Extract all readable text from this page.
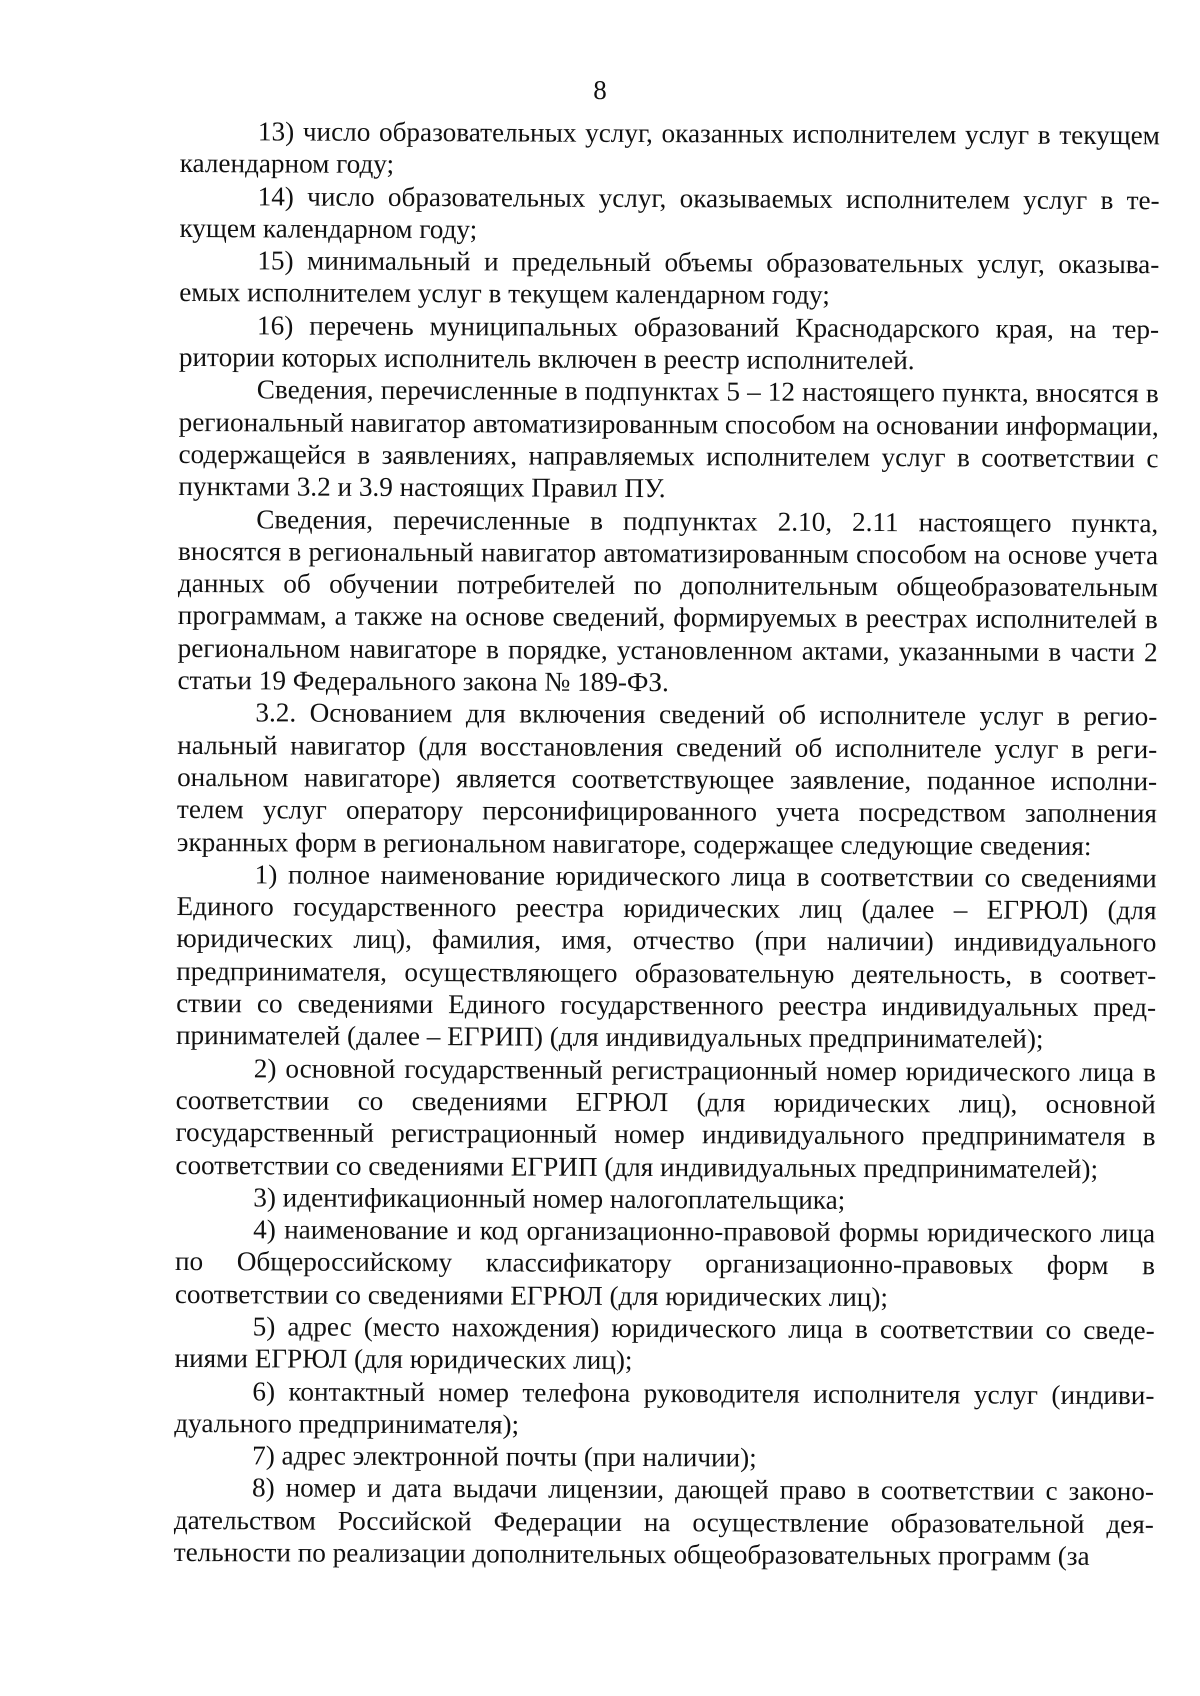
8

13) число образовательных услуг, оказанных исполнителем услуг в текущем календарном году;

14) число образовательных услуг, оказываемых исполнителем услуг в текущем календарном году;

15) минимальный и предельный объемы образовательных услуг, оказываемых исполнителем услуг в текущем календарном году;

16) перечень муниципальных образований Краснодарского края, на территории которых исполнитель включен в реестр исполнителей.

Сведения, перечисленные в подпунктах 5 – 12 настоящего пункта, вносятся в региональный навигатор автоматизированным способом на основании информации, содержащейся в заявлениях, направляемых исполнителем услуг в соответствии с пунктами 3.2 и 3.9 настоящих Правил ПУ.

Сведения, перечисленные в подпунктах 2.10, 2.11 настоящего пункта, вносятся в региональный навигатор автоматизированным способом на основе учета данных об обучении потребителей по дополнительным общеобразовательным программам, а также на основе сведений, формируемых в реестрах исполнителей в региональном навигаторе в порядке, установленном актами, указанными в части 2 статьи 19 Федерального закона № 189-ФЗ.

3.2. Основанием для включения сведений об исполнителе услуг в региональный навигатор (для восстановления сведений об исполнителе услуг в региональном навигаторе) является соответствующее заявление, поданное исполнителем услуг оператору персонифицированного учета посредством заполнения экранных форм в региональном навигаторе, содержащее следующие сведения:

1) полное наименование юридического лица в соответствии со сведениями Единого государственного реестра юридических лиц (далее – ЕГРЮЛ) (для юридических лиц), фамилия, имя, отчество (при наличии) индивидуального предпринимателя, осуществляющего образовательную деятельность, в соответствии со сведениями Единого государственного реестра индивидуальных предпринимателей (далее – ЕГРИП) (для индивидуальных предпринимателей);

2) основной государственный регистрационный номер юридического лица в соответствии со сведениями ЕГРЮЛ (для юридических лиц), основной государственный регистрационный номер индивидуального предпринимателя в соответствии со сведениями ЕГРИП (для индивидуальных предпринимателей);

3) идентификационный номер налогоплательщика;

4) наименование и код организационно-правовой формы юридического лица по Общероссийскому классификатору организационно-правовых форм в соответствии со сведениями ЕГРЮЛ (для юридических лиц);

5) адрес (место нахождения) юридического лица в соответствии со сведениями ЕГРЮЛ (для юридических лиц);

6) контактный номер телефона руководителя исполнителя услуг (индивидуального предпринимателя);

7) адрес электронной почты (при наличии);

8) номер и дата выдачи лицензии, дающей право в соответствии с законодательством Российской Федерации на осуществление образовательной деятельности по реализации дополнительных общеобразовательных программ (за
